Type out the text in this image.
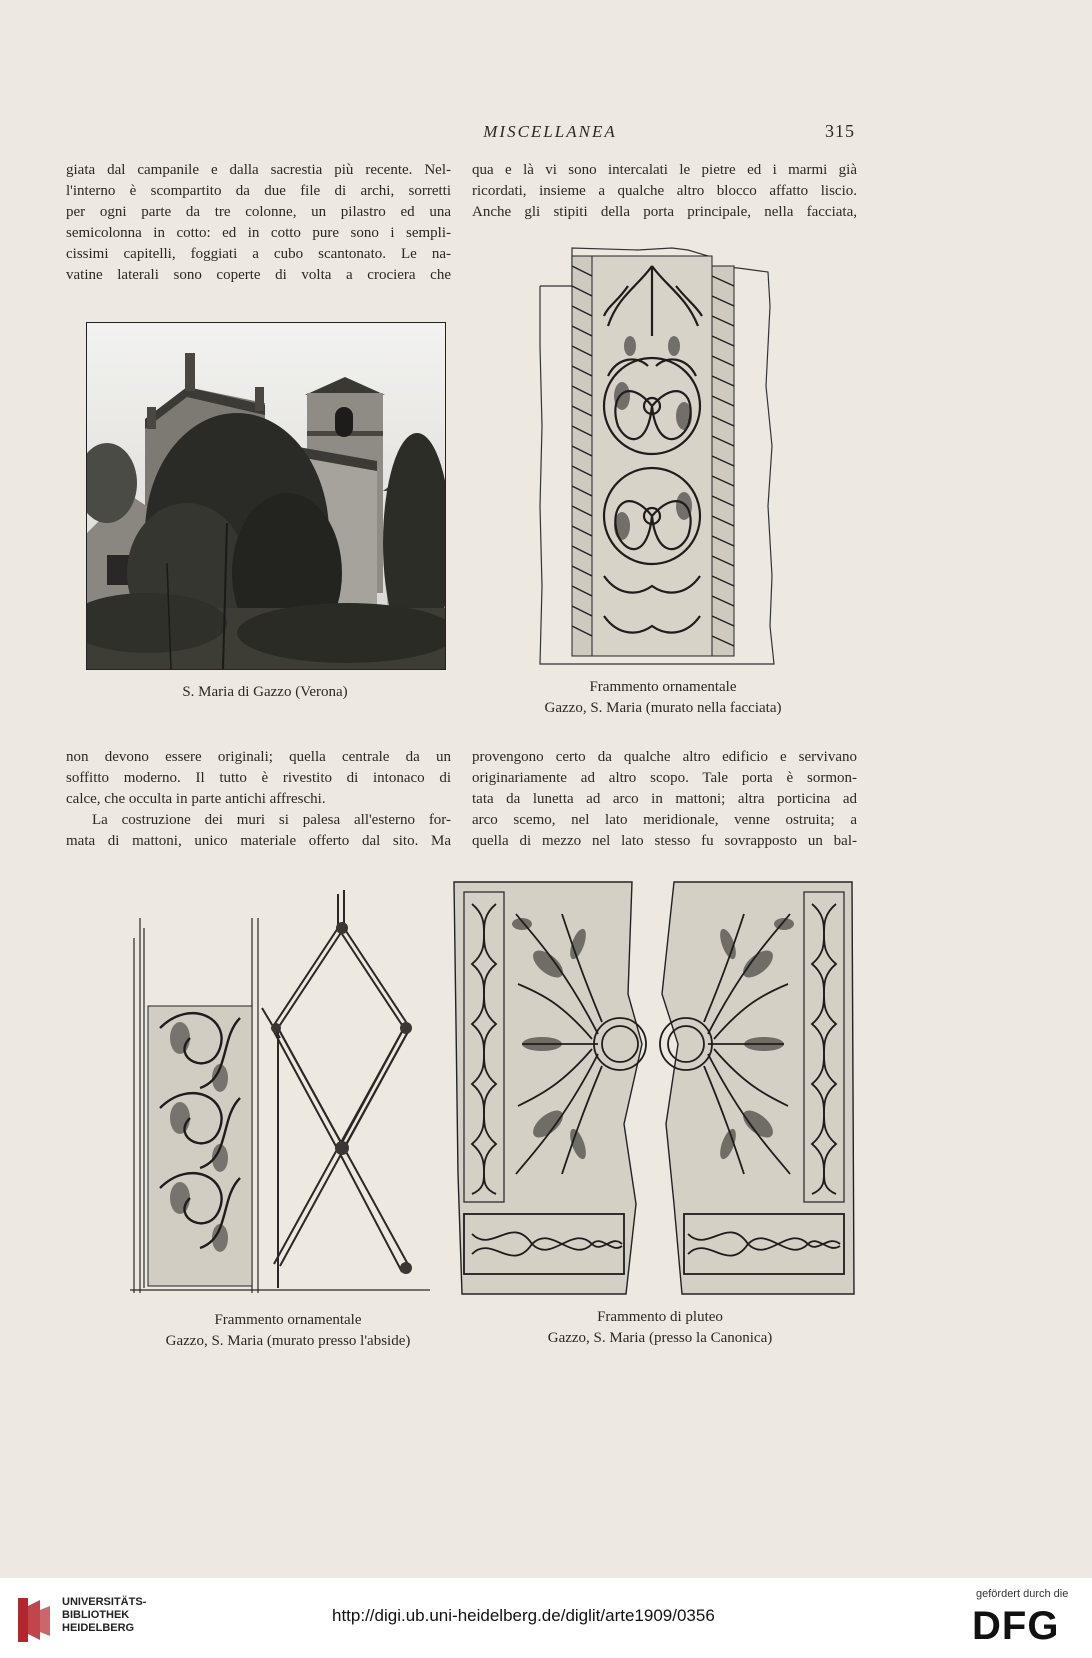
MISCELLANEA	315
giata dal campanile e dalla sacrestia più recente. Nel-
l'interno è scompartito da due file di archi, sorretti
per ogni parte da tre colonne, un pilastro ed una
semicolonna in cotto: ed in cotto pure sono i sempli-
cissimi capitelli, foggiati a cubo scantonato. Le na-
vatine laterali sono coperte di volta a crociera che
qua e là vi sono intercalati le pietre ed i marmi già
ricordati, insieme a qualche altro blocco affatto liscio.
Anche gli stipiti della porta principale, nella facciata,
S. Maria di Gazzo (Verona)	Frammento ornamentale
Gazzo, S. Maria (murato nella facciata)
non devono essere originali; quella centrale da un
soffitto moderno. Il tutto è rivestito di intonaco di
calce, che occulta in parte antichi affreschi.
La costruzione dei muri si palesa all'esterno for-
mata di mattoni, unico materiale offerto dal sito. Ma
provengono certo da qualche altro edificio e servivano
originariamente ad altro scopo. Tale porta è sormon-
tata da lunetta ad arco in mattoni; altra porticina ad
arco scemo, nel lato meridionale, venne ostruita; a
quella di mezzo nel lato stesso fu sovrapposto un bal-
Frammento ornamentale
Gazzo, S. Maria (murato presso l'abside)
Frammento di pluteo
Gazzo, S. Maria (presso la Canonica)
UNIVERSITÄTS-
BIBLIOTHEK
HEIDELBERG
http://digi.ub.uni-heidelberg.de/diglit/arte1909/0356
gefördert durch die
DFG
